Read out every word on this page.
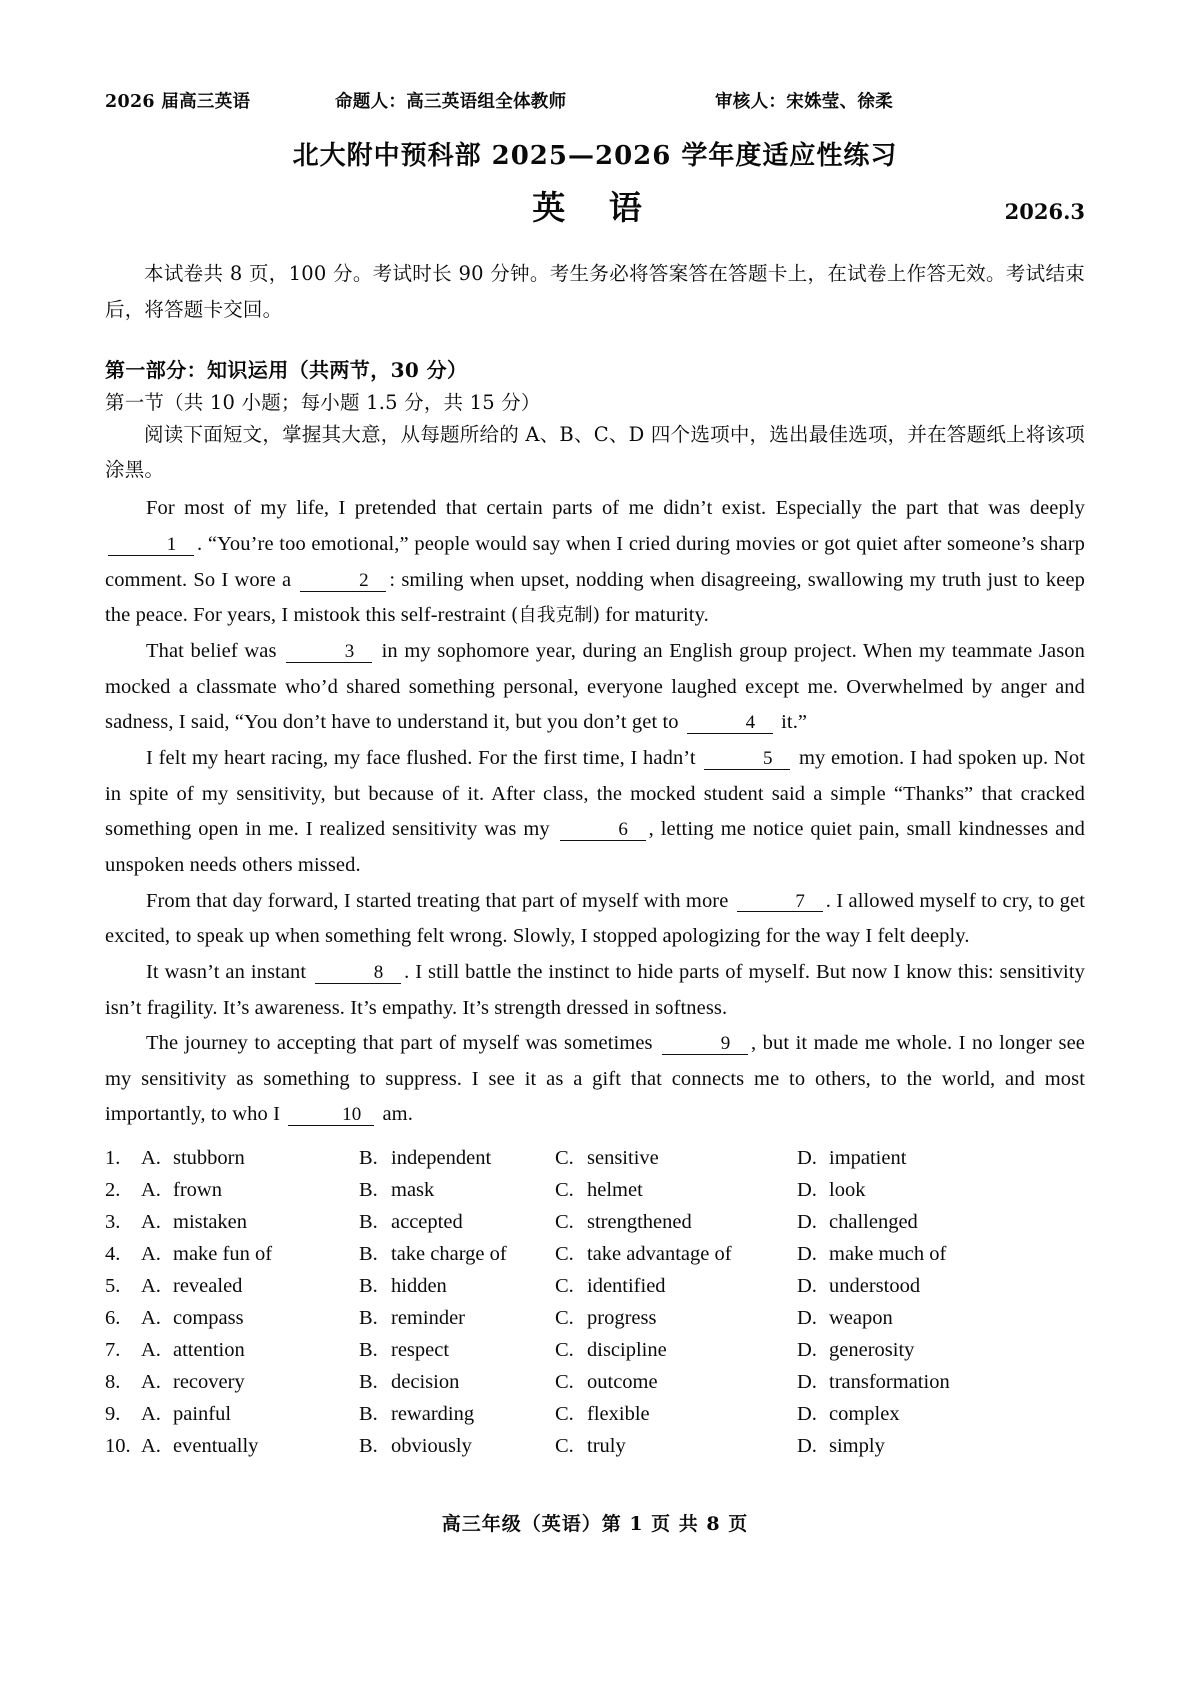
2026 届高三英语	命题人：高三英语组全体教师	审核人：宋姝莹、徐柔
北大附中预科部 2025—2026 学年度适应性练习
英 语	2026.3
本试卷共 8 页，100 分。考试时长 90 分钟。考生务必将答案答在答题卡上，在试卷上作答无效。考试结束后，将答题卡交回。
第一部分：知识运用（共两节，30 分）
第一节（共 10 小题；每小题 1.5 分，共 15 分）
阅读下面短文，掌握其大意，从每题所给的 A、B、C、D 四个选项中，选出最佳选项，并在答题纸上将该项涂黑。

For most of my life, I pretended that certain parts of me didn’t exist. Especially the part that was deeply 1 . “You’re too emotional,” people would say when I cried during movies or got quiet after someone’s sharp comment. So I wore a	2 : smiling when upset, nodding when disagreeing, swallowing my truth just to keep the peace. For years, I mistook this self-restraint (自我克制) for maturity.

That belief was	3 in my sophomore year, during an English group project. When my teammate Jason mocked a classmate who’d shared something personal, everyone laughed except me. Overwhelmed by anger and sadness, I said, “You don’t have to understand it, but you don’t get to	4 it.”

I felt my heart racing, my face flushed. For the first time, I hadn’t	5 my emotion. I had spoken up. Not in spite of my sensitivity, but because of it. After class, the mocked student said a simple “Thanks” that cracked something open in me. I realized sensitivity was my	6 , letting me notice quiet pain, small kindnesses and unspoken needs others missed.

From that day forward, I started treating that part of myself with more	7 . I allowed myself to cry, to get excited, to speak up when something felt wrong. Slowly, I stopped apologizing for the way I felt deeply.

It wasn’t an instant	8 . I still battle the instinct to hide parts of myself. But now I know this: sensitivity isn’t fragility. It’s awareness. It’s empathy. It’s strength dressed in softness.

The journey to accepting that part of myself was sometimes	9 , but it made me whole. I no longer see my sensitivity as something to suppress. I see it as a gift that connects me to others, to the world, and most importantly, to who I	10 am.

1.	A. stubborn	B. independent	C. sensitive	D. impatient
2.	A. frown	B. mask	C. helmet	D. look
3.	A. mistaken	B. accepted	C. strengthened	D. challenged
4.	A. make fun of	B. take charge of C. take advantage of	D. make much of
5.	A. revealed	B. hidden	C. identified	D. understood
6.	A. compass	B. reminder	C. progress	D. weapon
7.	A. attention	B. respect	C. discipline	D. generosity
8.	A. recovery	B. decision	C. outcome	D. transformation
9.	A. painful	B. rewarding	C. flexible	D. complex
10. A. eventually	B. obviously	C. truly	D. simply
高三年级（英语）第 1 页 共 8 页
